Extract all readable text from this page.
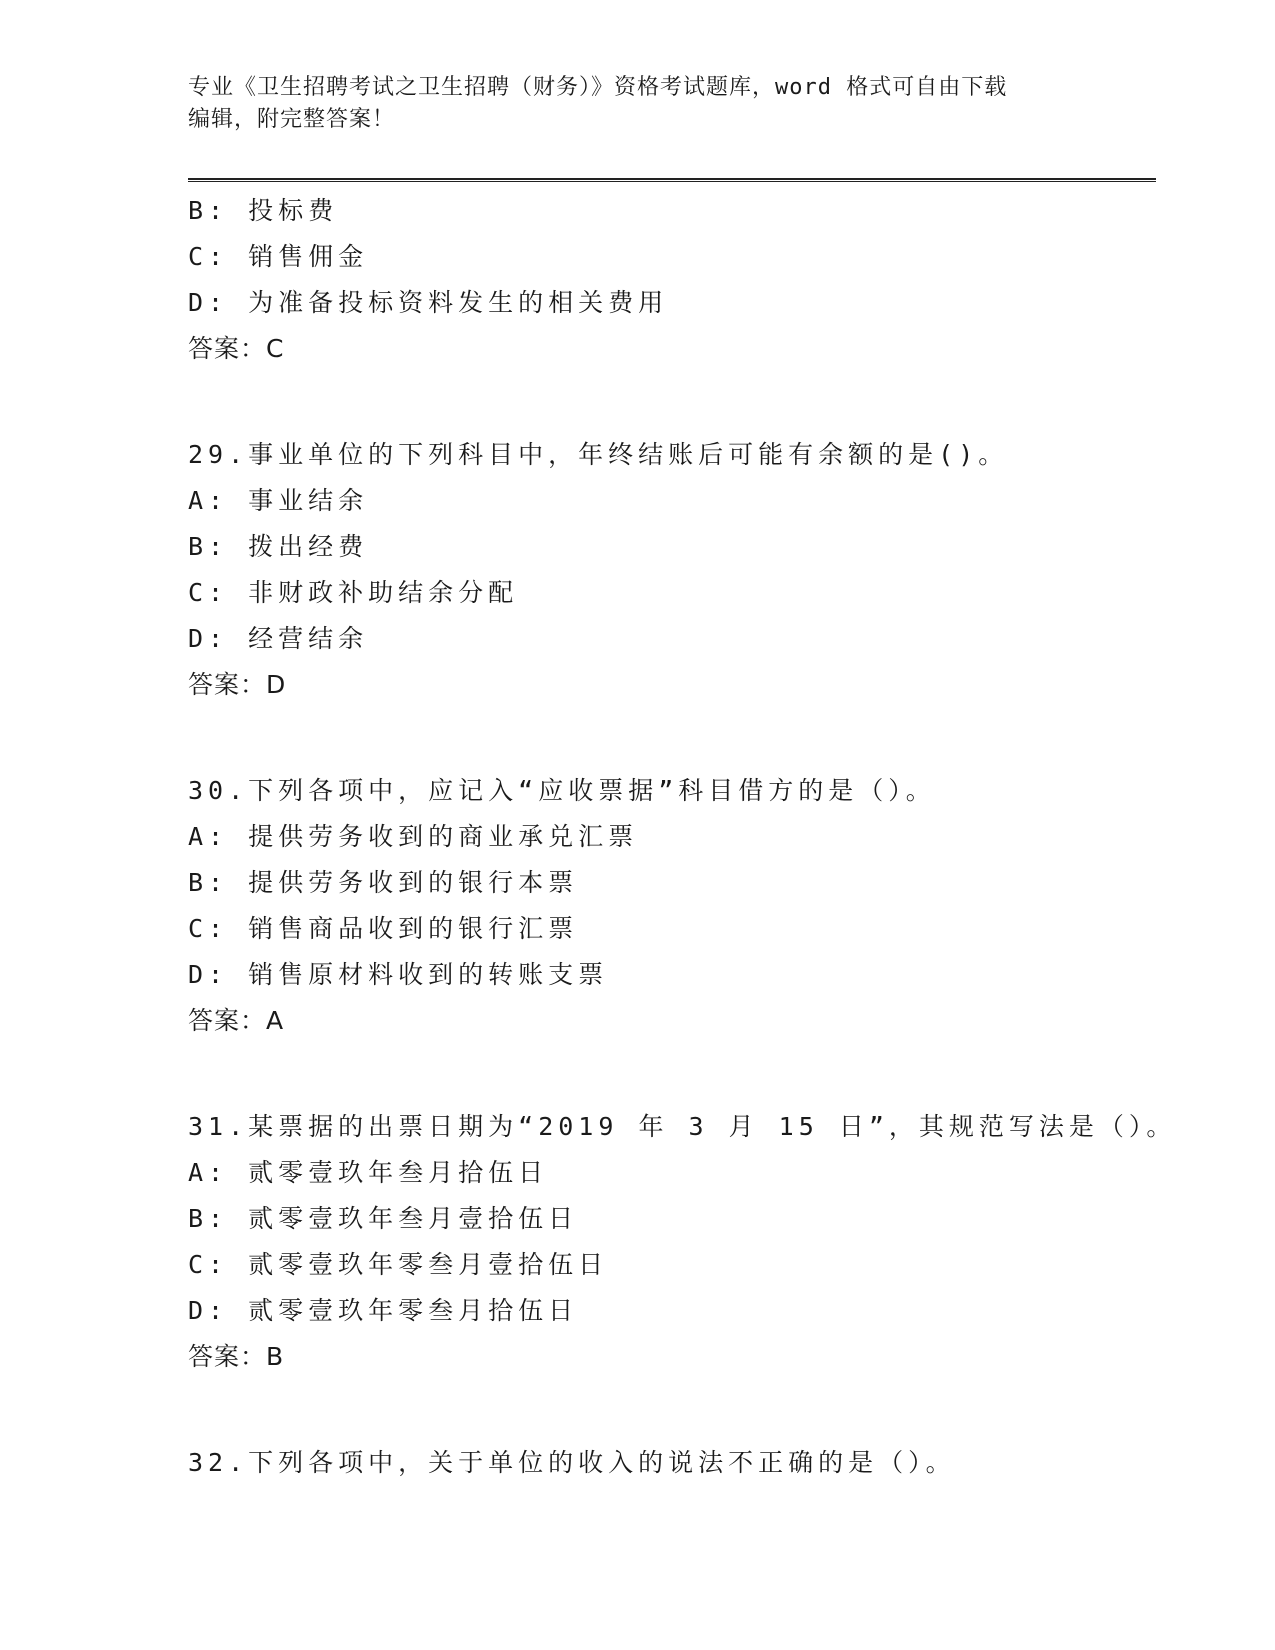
专业《卫生招聘考试之卫生招聘（财务）》资格考试题库，word 格式可自由下载
编辑，附完整答案！
B: 投标费
C: 销售佣金
D: 为准备投标资料发生的相关费用
答案：C
29.事业单位的下列科目中，年终结账后可能有余额的是()。
A: 事业结余
B: 拨出经费
C: 非财政补助结余分配
D: 经营结余
答案：D
30.下列各项中，应记入“应收票据”科目借方的是（）。
A: 提供劳务收到的商业承兑汇票
B: 提供劳务收到的银行本票
C: 销售商品收到的银行汇票
D: 销售原材料收到的转账支票
答案：A
31.某票据的出票日期为“2019 年 3 月 15 日”，其规范写法是（）。
A: 贰零壹玖年叁月拾伍日
B: 贰零壹玖年叁月壹拾伍日
C: 贰零壹玖年零叁月壹拾伍日
D: 贰零壹玖年零叁月拾伍日
答案：B
32.下列各项中，关于单位的收入的说法不正确的是（）。
